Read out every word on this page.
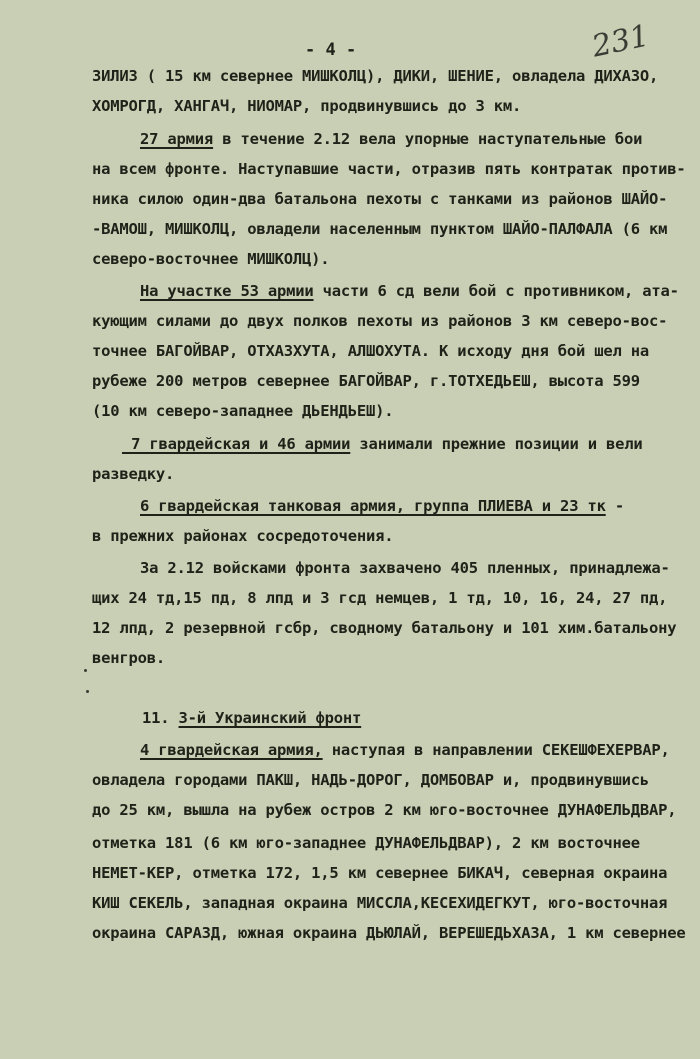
- 4 -	231
ЗИЛИЗ ( 15 км севернее МИШКОЛЦ), ДИКИ, ШЕНИЕ, овладела ДИХАЗО,
ХОМРОГД, ХАНГАЧ, НИОМАР, продвинувшись до 3 км.
27 армия в течение 2.12 вела упорные наступательные бои
на всем фронте. Наступавшие части, отразив пять контратак против-
ника силою один-два батальона пехоты с танками из районов ШАЙО-
-ВАМОШ, МИШКОЛЦ, овладели населенным пунктом ШАЙО-ПАЛФАЛА (6 км
северо-восточнее МИШКОЛЦ).
На участке 53 армии части 6 сд вели бой с противником, ата-
кующим силами до двух полков пехоты из районов 3 км северо-вос-
точнее БАГОЙВАР, ОТХАЗХУТА, АЛШОХУТА. К исходу дня бой шел на
рубеже 200 метров севернее БАГОЙВАР, г.ТОТХЕДЬЕШ, высота 599
(10 км северо-западнее ДЬЕНДЬЕШ).
7 гвардейская и 46 армии занимали прежние позиции и вели
разведку.
6 гвардейская танковая армия, группа ПЛИЕВА и 23 тк -
в прежних районах сосредоточения.
За 2.12 войсками фронта захвачено 405 пленных, принадлежа-
щих 24 тд,15 пд, 8 лпд и 3 гсд немцев, 1 тд, 10, 16, 24, 27 пд,
12 лпд, 2 резервной гсбр, сводному батальону и 101 хим.батальону
венгров.
11. 3-й Украинский фронт
4 гвардейская армия, наступая в направлении СЕКЕШФЕХЕРВАР,
овладела городами ПАКШ, НАДЬ-ДОРОГ, ДОМБОВАР и, продвинувшись
до 25 км, вышла на рубеж остров 2 км юго-восточнее ДУНАФЕЛЬДВАР,
отметка 181 (6 км юго-западнее ДУНАФЕЛЬДВАР), 2 км восточнее
НЕМЕТ-КЕР, отметка 172, 1,5 км севернее БИКАЧ, северная окраина
КИШ СЕКЕЛЬ, западная окраина МИССЛА,КЕСЕХИДЕГКУТ, юго-восточная
окраина САРАЗД, южная окраина ДЬЮЛАЙ, ВЕРЕШЕДЬХАЗА, 1 км севернее
